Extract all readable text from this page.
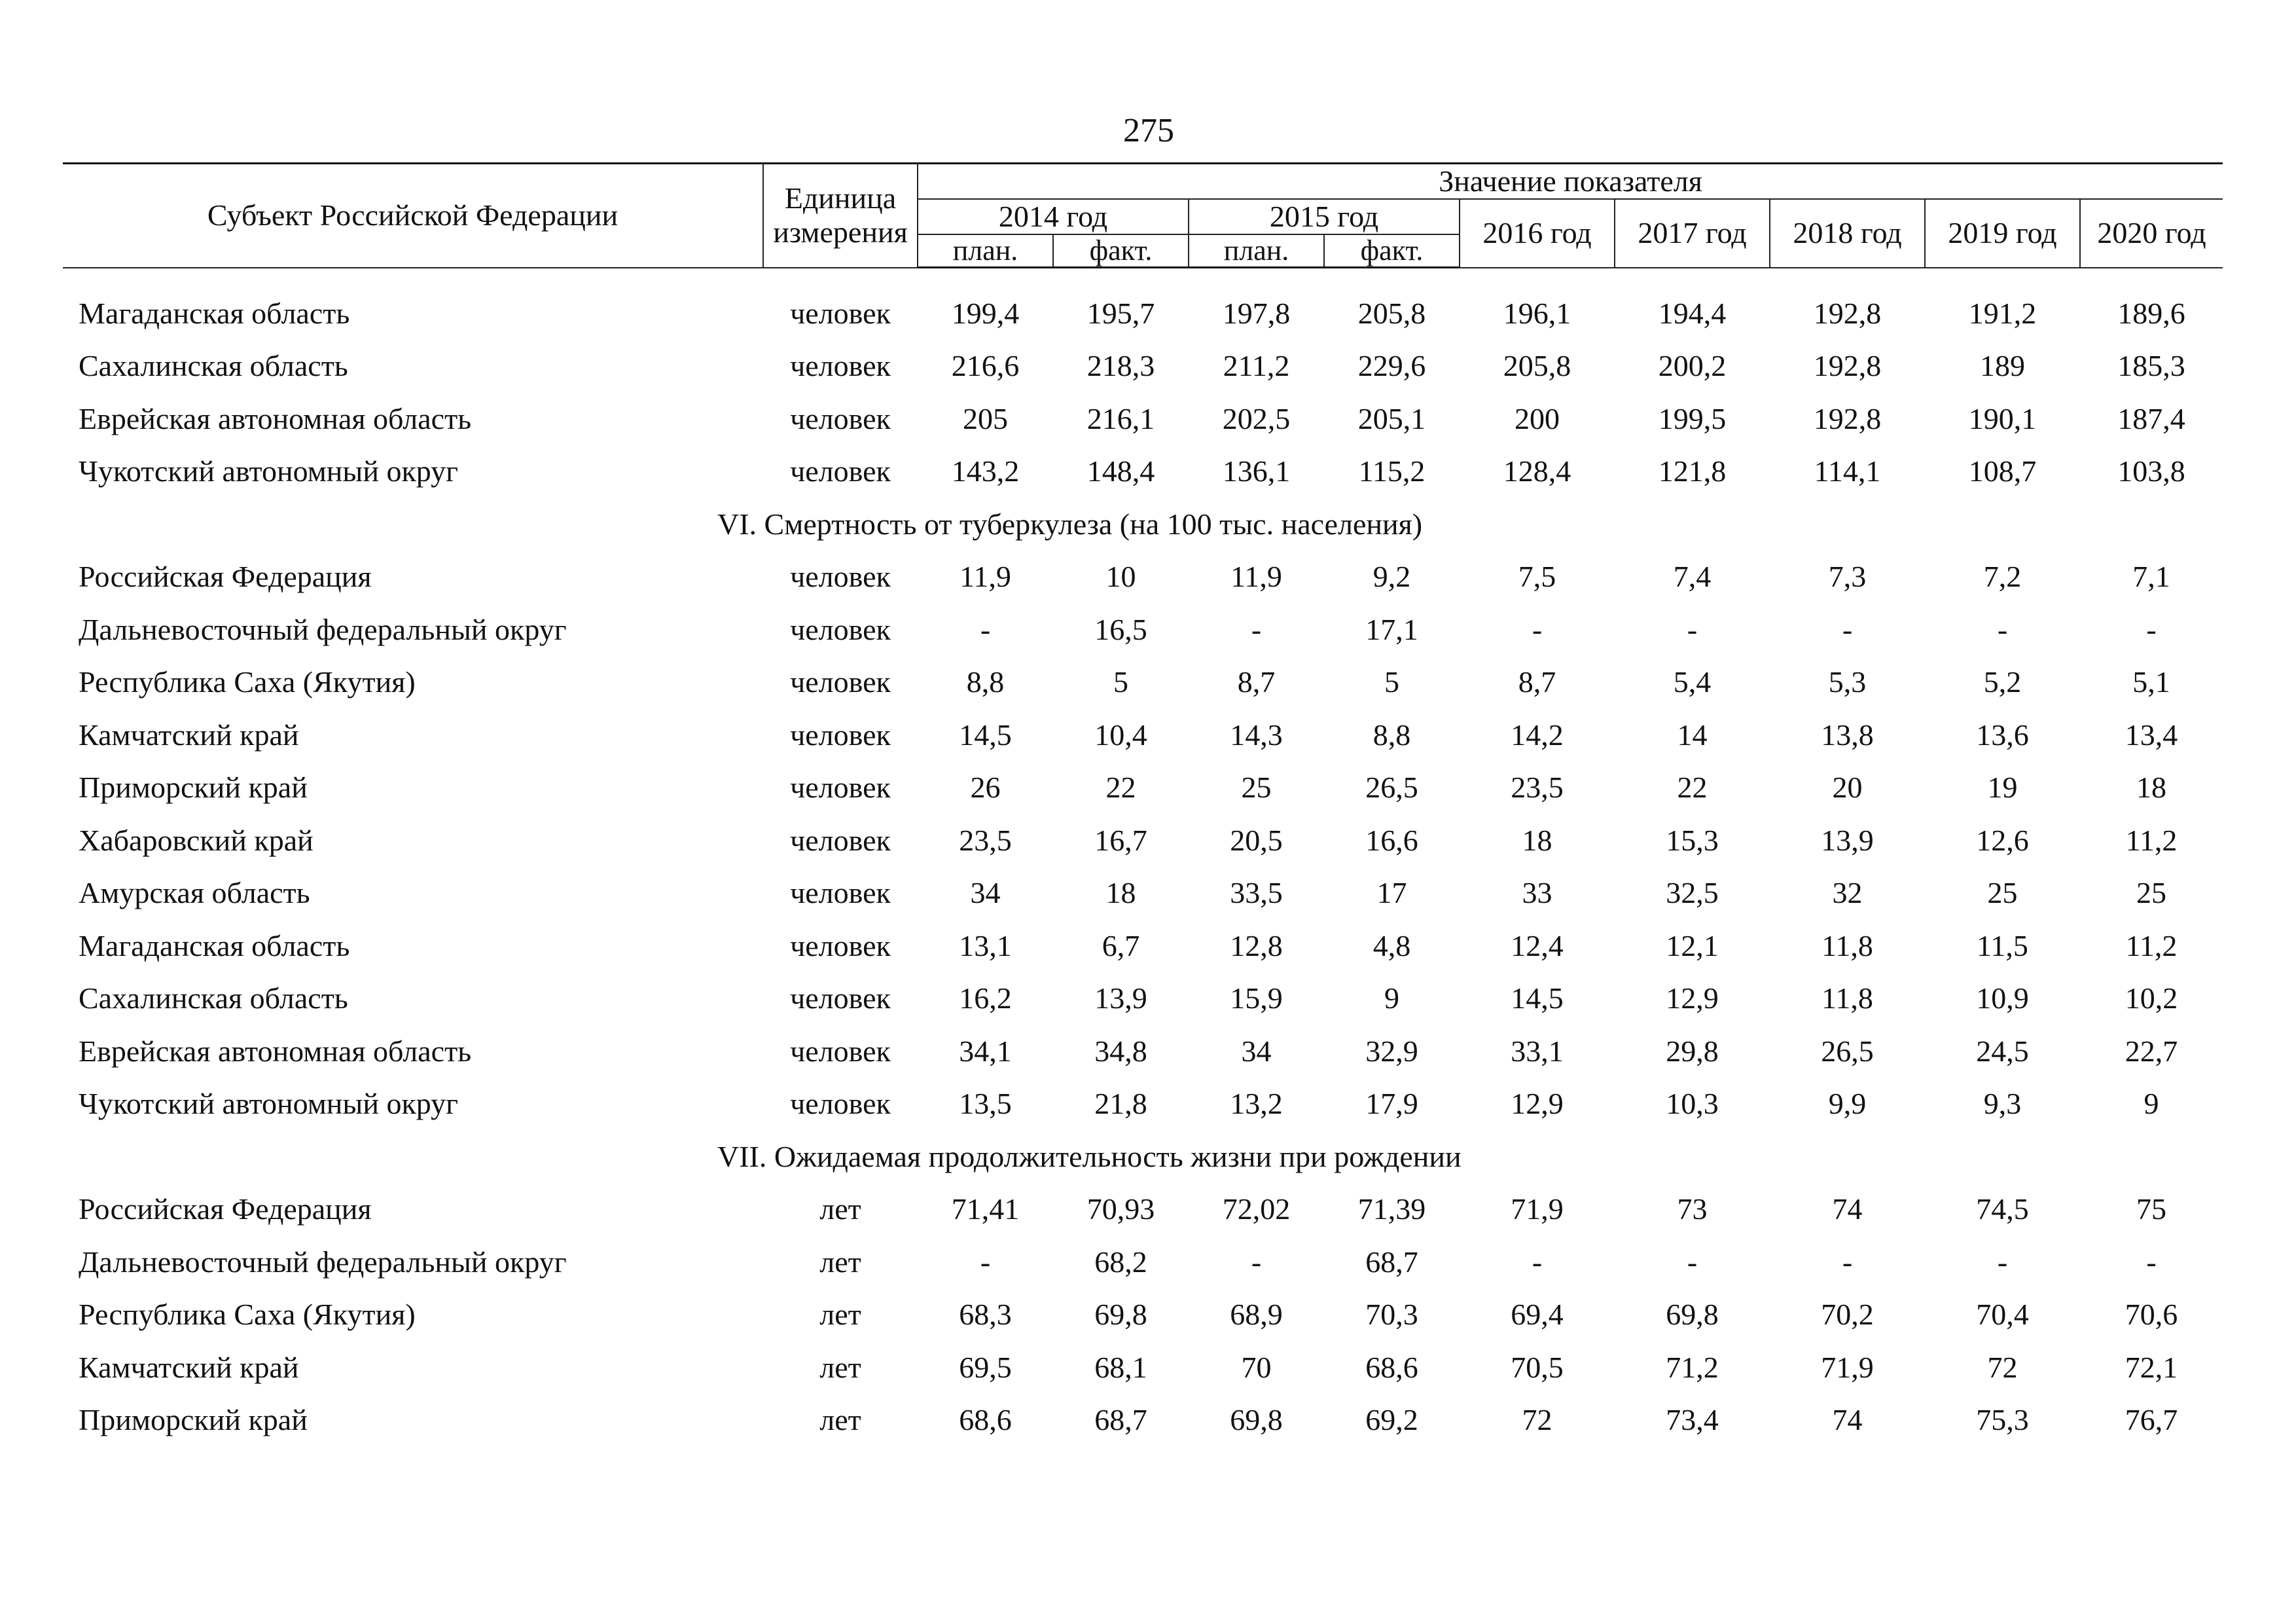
275
Субъект Российской Федерации	Единица измерения	Значение показателя								
		2014 год		2015 год		2016 год	2017 год	2018 год	2019 год	2020 год
		план.	факт.	план.	факт.					

Магаданская область	человек	199,4	195,7	197,8	205,8	196,1	194,4	192,8	191,2	189,6
Сахалинская область	человек	216,6	218,3	211,2	229,6	205,8	200,2	192,8	189	185,3
Еврейская автономная область	человек	205	216,1	202,5	205,1	200	199,5	192,8	190,1	187,4
Чукотский автономный округ	человек	143,2	148,4	136,1	115,2	128,4	121,8	114,1	108,7	103,8
VI. Смертность от туберкулеза (на 100 тыс. населения)										
Российская Федерация	человек	11,9	10	11,9	9,2	7,5	7,4	7,3	7,2	7,1
Дальневосточный федеральный округ	человек	-	16,5	-	17,1	-	-	-	-	-
Республика Саха (Якутия)	человек	8,8	5	8,7	5	8,7	5,4	5,3	5,2	5,1
Камчатский край	человек	14,5	10,4	14,3	8,8	14,2	14	13,8	13,6	13,4
Приморский край	человек	26	22	25	26,5	23,5	22	20	19	18
Хабаровский край	человек	23,5	16,7	20,5	16,6	18	15,3	13,9	12,6	11,2
Амурская область	человек	34	18	33,5	17	33	32,5	32	25	25
Магаданская область	человек	13,1	6,7	12,8	4,8	12,4	12,1	11,8	11,5	11,2
Сахалинская область	человек	16,2	13,9	15,9	9	14,5	12,9	11,8	10,9	10,2
Еврейская автономная область	человек	34,1	34,8	34	32,9	33,1	29,8	26,5	24,5	22,7
Чукотский автономный округ	человек	13,5	21,8	13,2	17,9	12,9	10,3	9,9	9,3	9
VII. Ожидаемая продолжительность жизни при рождении										
Российская Федерация	лет	71,41	70,93	72,02	71,39	71,9	73	74	74,5	75
Дальневосточный федеральный округ	лет	-	68,2	-	68,7	-	-	-	-	-
Республика Саха (Якутия)	лет	68,3	69,8	68,9	70,3	69,4	69,8	70,2	70,4	70,6
Камчатский край	лет	69,5	68,1	70	68,6	70,5	71,2	71,9	72	72,1
Приморский край	лет	68,6	68,7	69,8	69,2	72	73,4	74	75,3	76,7
